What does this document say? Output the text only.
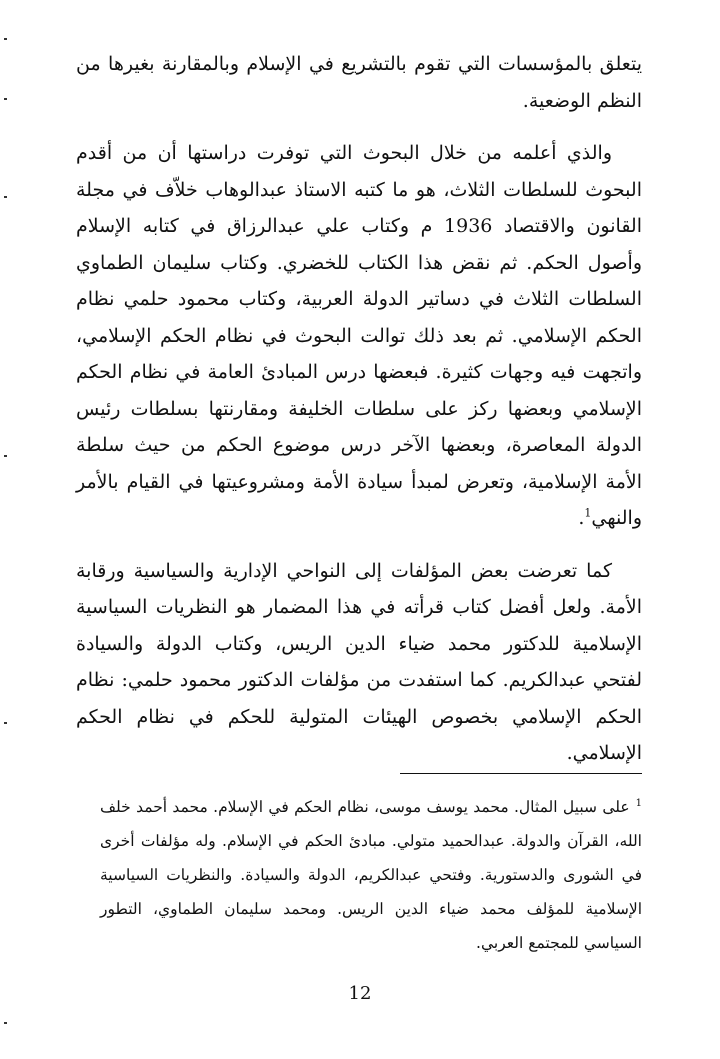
يتعلق بالمؤسسات التي تقوم بالتشريع في الإسلام وبالمقارنة بغيرها من النظم الوضعية.

والذي أعلمه من خلال البحوث التي توفرت دراستها أن من أقدم البحوث للسلطات الثلاث، هو ما كتبه الاستاذ عبدالوهاب خلاّف في مجلة القانون والاقتصاد 1936 م وكتاب علي عبدالرزاق في كتابه الإسلام وأصول الحكم. ثم نقض هذا الكتاب للخضري. وكتاب سليمان الطماوي السلطات الثلاث في دساتير الدولة العربية، وكتاب محمود حلمي نظام الحكم الإسلامي. ثم بعد ذلك توالت البحوث في نظام الحكم الإسلامي، واتجهت فيه وجهات كثيرة. فبعضها درس المبادئ العامة في نظام الحكم الإسلامي وبعضها ركز على سلطات الخليفة ومقارنتها بسلطات رئيس الدولة المعاصرة، وبعضها الآخر درس موضوع الحكم من حيث سلطة الأمة الإسلامية، وتعرض لمبدأ سيادة الأمة ومشروعيتها في القيام بالأمر والنهي$^1$.

كما تعرضت بعض المؤلفات إلى النواحي الإدارية والسياسية ورقابة الأمة. ولعل أفضل كتاب قرأته في هذا المضمار هو النظريات السياسية الإسلامية للدكتور محمد ضياء الدين الريس، وكتاب الدولة والسيادة لفتحي عبدالكريم. كما استفدت من مؤلفات الدكتور محمود حلمي: نظام الحكم الإسلامي بخصوص الهيئات المتولية للحكم في نظام الحكم الإسلامي.

$^1$على سبيل المثال. محمد يوسف موسى، نظام الحكم في الإسلام. محمد أحمد خلف الله، القرآن والدولة. عبدالحميد متولي. مبادئ الحكم في الإسلام. وله مؤلفات أخرى في الشورى والدستورية. وفتحي عبدالكريم، الدولة والسيادة. والنظريات السياسية الإسلامية للمؤلف محمد ضياء الدين الريس. ومحمد سليمان الطماوي، التطور السياسي للمجتمع العربي.

12
